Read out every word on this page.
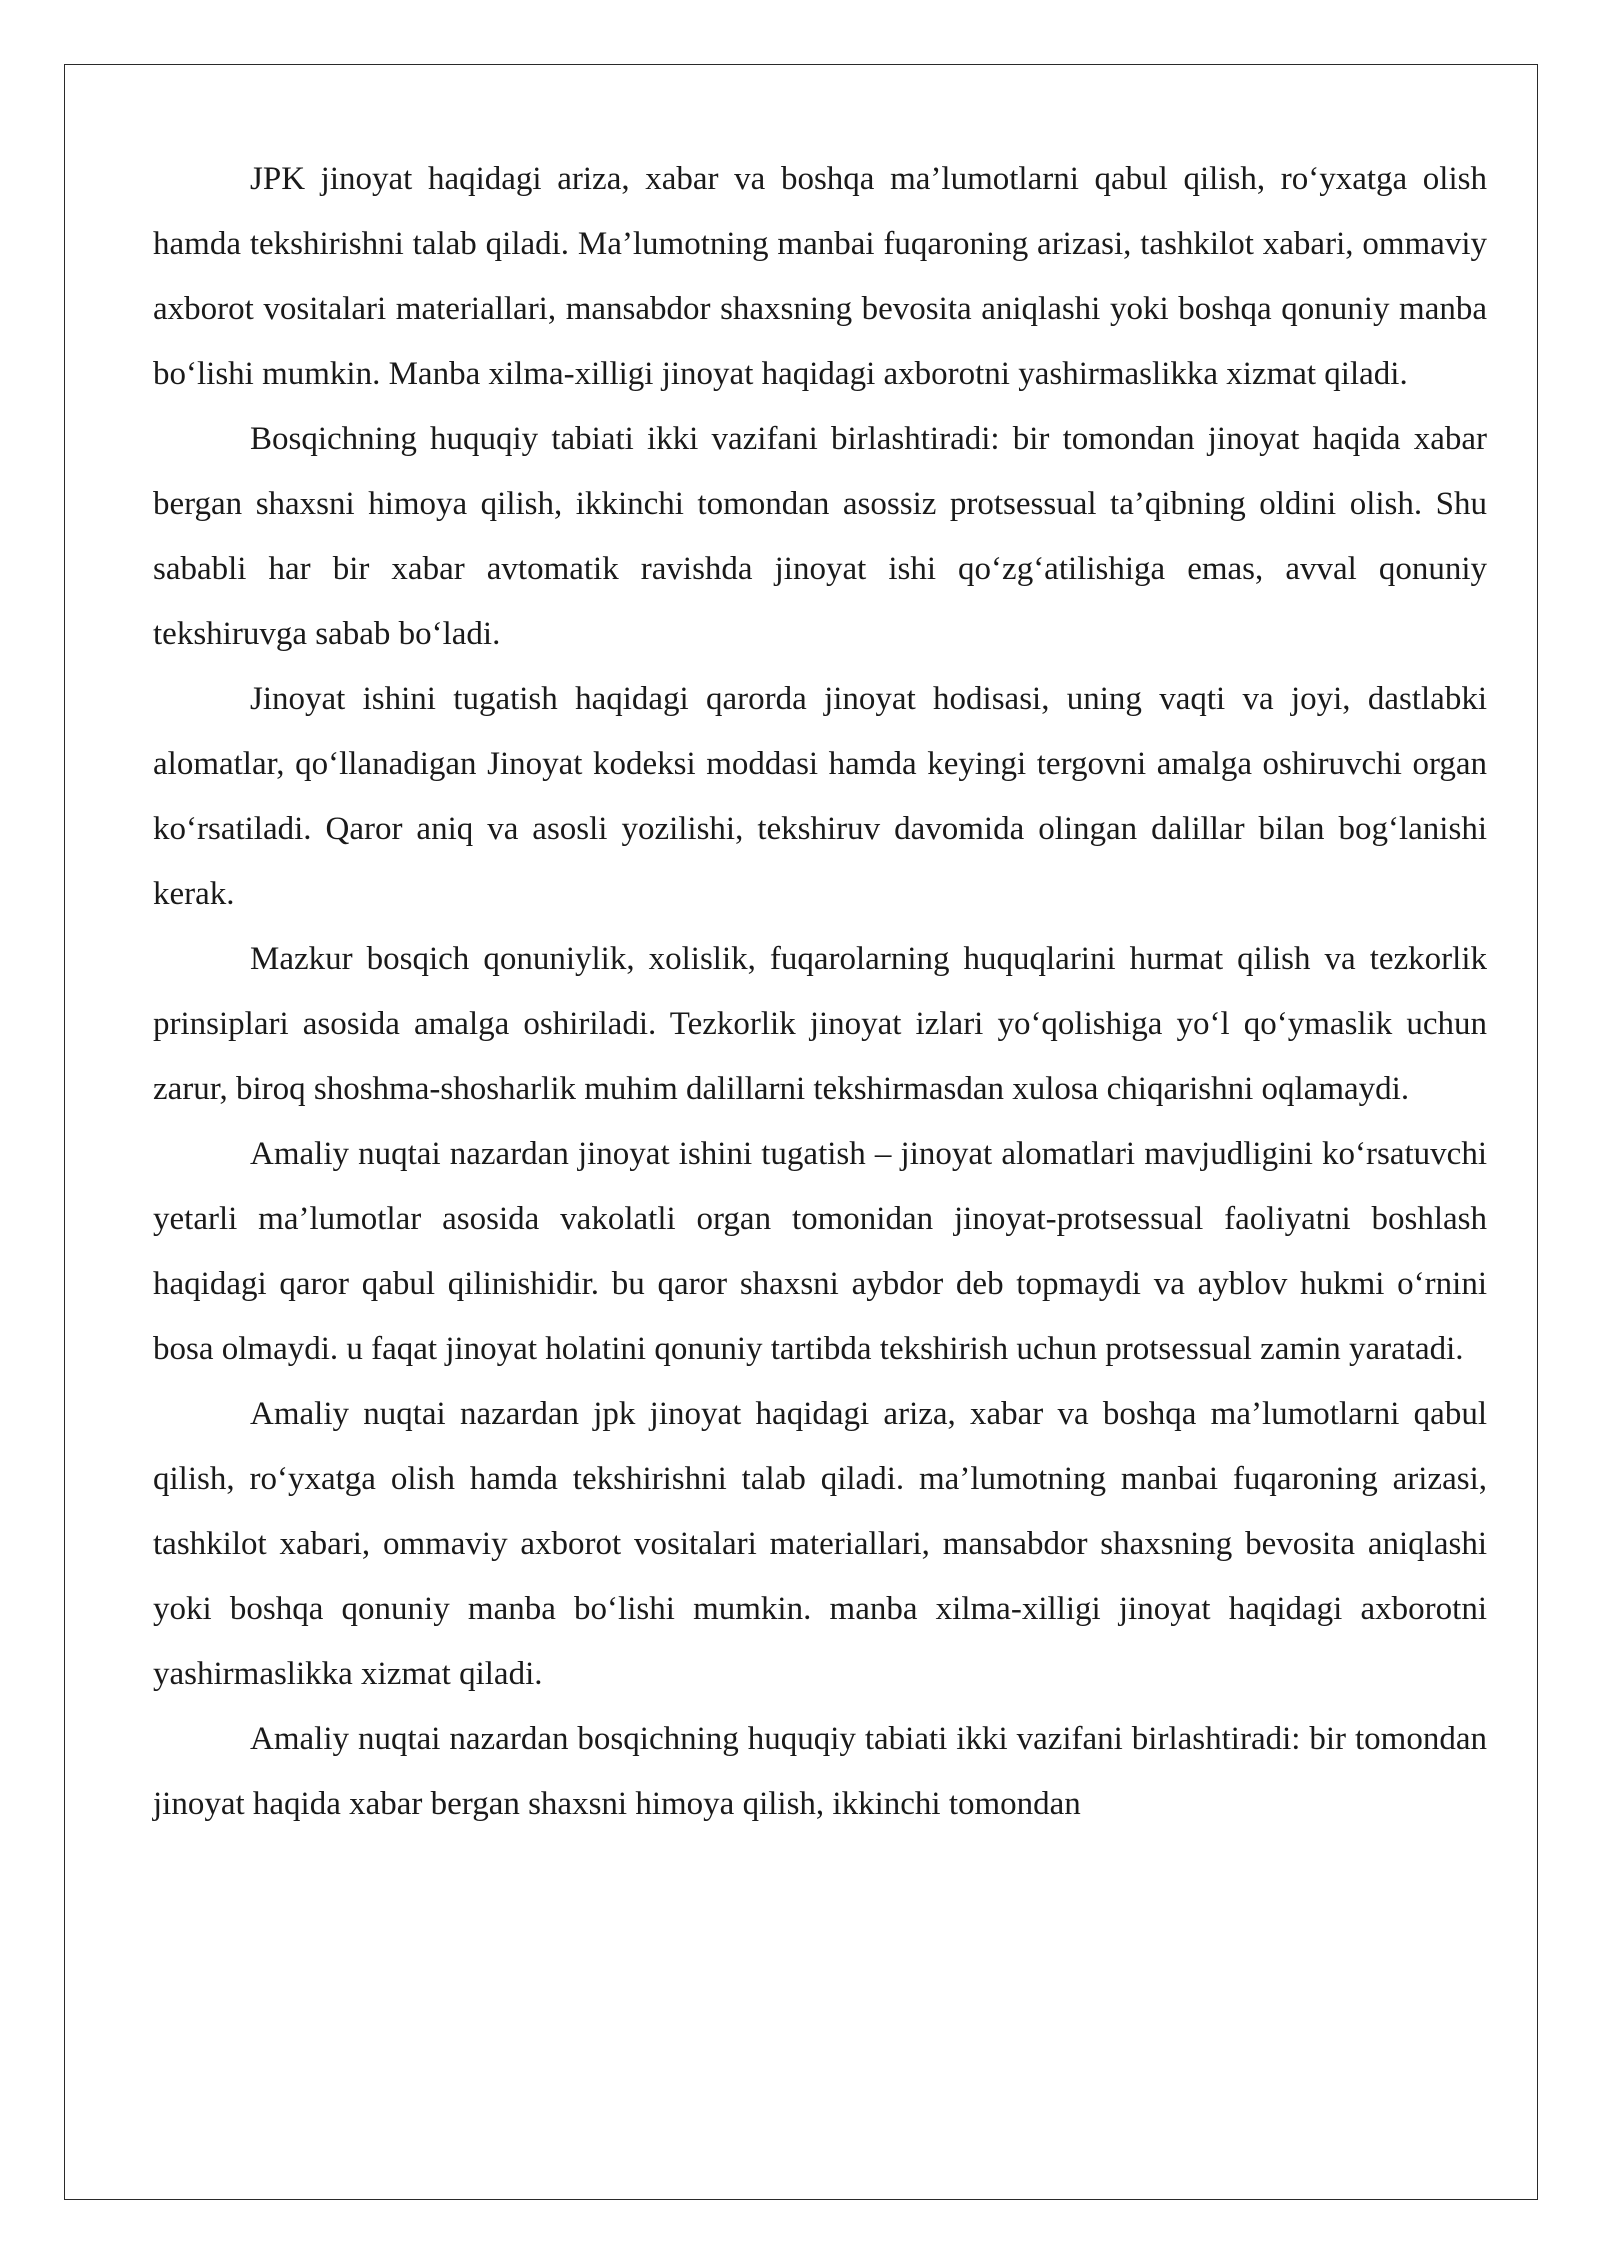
JPK jinoyat haqidagi ariza, xabar va boshqa ma’lumotlarni qabul qilish, ro‘yxatga olish hamda tekshirishni talab qiladi. Ma’lumotning manbai fuqaroning arizasi, tashkilot xabari, ommaviy axborot vositalari materiallari, mansabdor shaxsning bevosita aniqlashi yoki boshqa qonuniy manba bo‘lishi mumkin. Manba xilma-xilligi jinoyat haqidagi axborotni yashirmaslikka xizmat qiladi.

Bosqichning huquqiy tabiati ikki vazifani birlashtiradi: bir tomondan jinoyat haqida xabar bergan shaxsni himoya qilish, ikkinchi tomondan asossiz protsessual ta’qibning oldini olish. Shu sababli har bir xabar avtomatik ravishda jinoyat ishi qo‘zg‘atilishiga emas, avval qonuniy tekshiruvga sabab bo‘ladi.

Jinoyat ishini tugatish haqidagi qarorda jinoyat hodisasi, uning vaqti va joyi, dastlabki alomatlar, qo‘llanadigan Jinoyat kodeksi moddasi hamda keyingi tergovni amalga oshiruvchi organ ko‘rsatiladi. Qaror aniq va asosli yozilishi, tekshiruv davomida olingan dalillar bilan bog‘lanishi kerak.

Mazkur bosqich qonuniylik, xolislik, fuqarolarning huquqlarini hurmat qilish va tezkorlik prinsiplari asosida amalga oshiriladi. Tezkorlik jinoyat izlari yo‘qolishiga yo‘l qo‘ymaslik uchun zarur, biroq shoshma-shosharlik muhim dalillarni tekshirmasdan xulosa chiqarishni oqlamaydi.

Amaliy nuqtai nazardan jinoyat ishini tugatish – jinoyat alomatlari mavjudligini ko‘rsatuvchi yetarli ma’lumotlar asosida vakolatli organ tomonidan jinoyat-protsessual faoliyatni boshlash haqidagi qaror qabul qilinishidir. bu qaror shaxsni aybdor deb topmaydi va ayblov hukmi o‘rnini bosa olmaydi. u faqat jinoyat holatini qonuniy tartibda tekshirish uchun protsessual zamin yaratadi.

Amaliy nuqtai nazardan jpk jinoyat haqidagi ariza, xabar va boshqa ma’lumotlarni qabul qilish, ro‘yxatga olish hamda tekshirishni talab qiladi. ma’lumotning manbai fuqaroning arizasi, tashkilot xabari, ommaviy axborot vositalari materiallari, mansabdor shaxsning bevosita aniqlashi yoki boshqa qonuniy manba bo‘lishi mumkin. manba xilma-xilligi jinoyat haqidagi axborotni yashirmaslikka xizmat qiladi.

Amaliy nuqtai nazardan bosqichning huquqiy tabiati ikki vazifani birlashtiradi: bir tomondan jinoyat haqida xabar bergan shaxsni himoya qilish, ikkinchi tomondan
